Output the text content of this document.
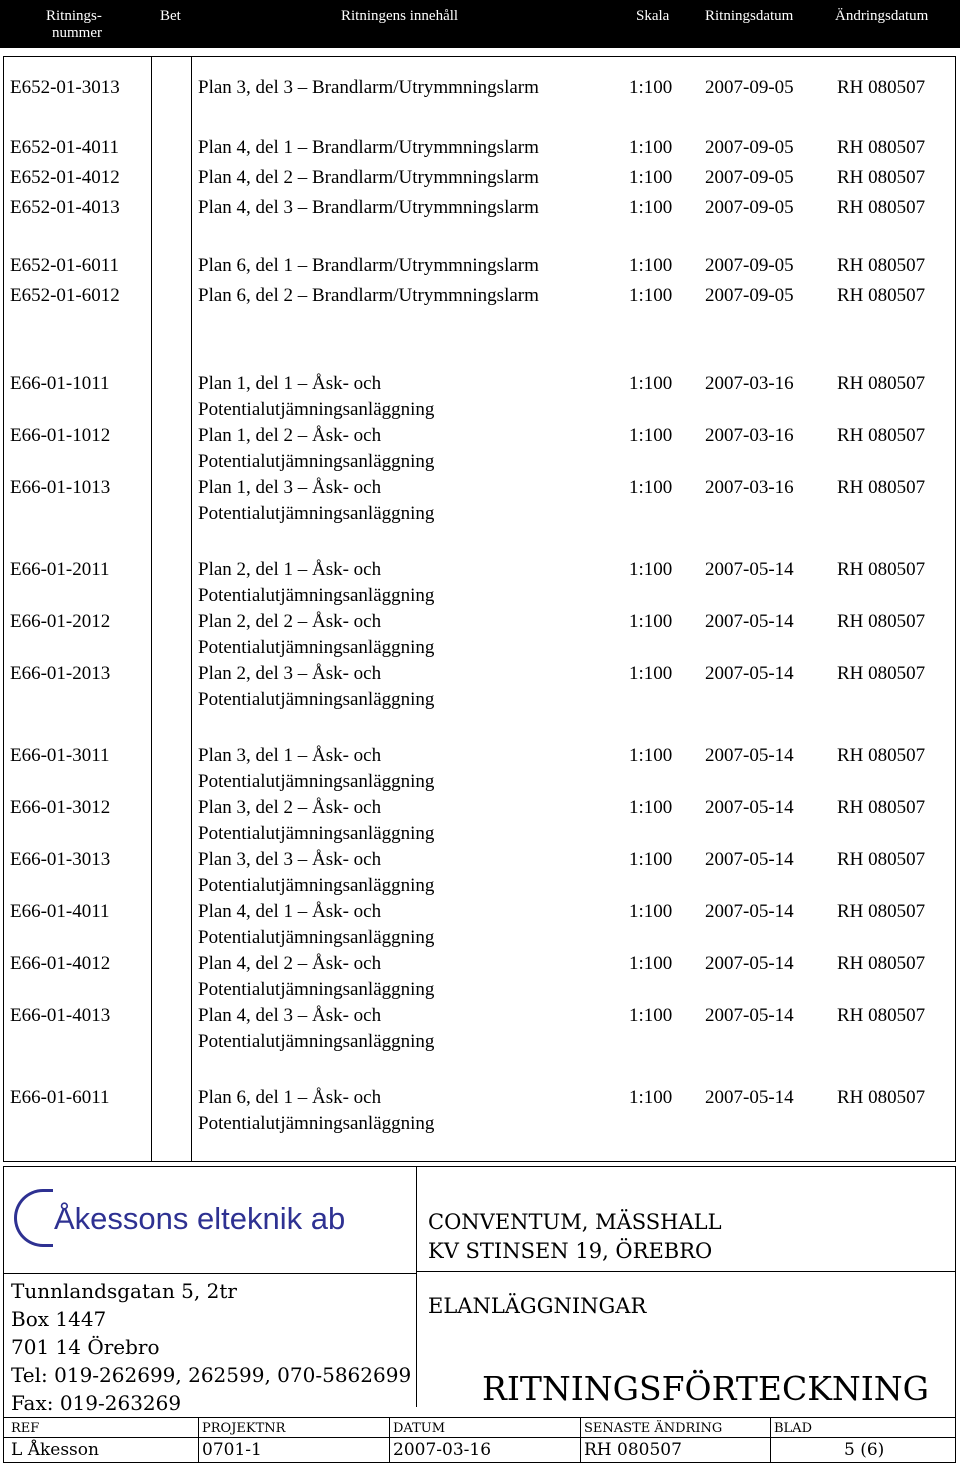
Ritnings-
nummer
Bet	Ritningens innehåll	Skala Ritningsdatum	Ändringsdatum
E652-01-3013	Plan 3, del 3 – Brandlarm/Utrymmningslarm	1:100 2007-09-05 RH 080507
E652-01-4011	Plan 4, del 1 – Brandlarm/Utrymmningslarm	1:100 2007-09-05 RH 080507
E652-01-4012	Plan 4, del 2 – Brandlarm/Utrymmningslarm	1:100 2007-09-05 RH 080507
E652-01-4013	Plan 4, del 3 – Brandlarm/Utrymmningslarm	1:100 2007-09-05 RH 080507
E652-01-6011	Plan 6, del 1 – Brandlarm/Utrymmningslarm	1:100 2007-09-05 RH 080507
E652-01-6012	Plan 6, del 2 – Brandlarm/Utrymmningslarm	1:100 2007-09-05 RH 080507
E66-01-1011	Plan 1, del 1 – Åsk- och	1:100 2007-03-16 RH 080507
Potentialutjämningsanläggning
E66-01-1012	Plan 1, del 2 – Åsk- och	1:100 2007-03-16 RH 080507
Potentialutjämningsanläggning
E66-01-1013	Plan 1, del 3 – Åsk- och	1:100 2007-03-16 RH 080507
Potentialutjämningsanläggning
E66-01-2011	Plan 2, del 1 – Åsk- och	1:100 2007-05-14 RH 080507
Potentialutjämningsanläggning
E66-01-2012	Plan 2, del 2 – Åsk- och	1:100 2007-05-14 RH 080507
Potentialutjämningsanläggning
E66-01-2013	Plan 2, del 3 – Åsk- och	1:100 2007-05-14 RH 080507
Potentialutjämningsanläggning
E66-01-3011	Plan 3, del 1 – Åsk- och	1:100 2007-05-14 RH 080507
Potentialutjämningsanläggning
E66-01-3012	Plan 3, del 2 – Åsk- och	1:100 2007-05-14 RH 080507
Potentialutjämningsanläggning
E66-01-3013	Plan 3, del 3 – Åsk- och	1:100 2007-05-14 RH 080507
Potentialutjämningsanläggning
E66-01-4011	Plan 4, del 1 – Åsk- och	1:100 2007-05-14 RH 080507
Potentialutjämningsanläggning
E66-01-4012	Plan 4, del 2 – Åsk- och	1:100 2007-05-14 RH 080507
Potentialutjämningsanläggning
E66-01-4013	Plan 4, del 3 – Åsk- och	1:100 2007-05-14 RH 080507
Potentialutjämningsanläggning
E66-01-6011	Plan 6, del 1 – Åsk- och	1:100 2007-05-14 RH 080507
Potentialutjämningsanläggning
Åkessons elteknik ab
Tunnlandsgatan 5, 2tr
Box 1447
701 14 Örebro
Tel: 019-262699, 262599, 070-5862699
Fax: 019-263269
CONVENTUM, MÄSSHALL
KV STINSEN 19, ÖREBRO
ELANLÄGGNINGAR
RITNINGSFÖRTECKNING
REF	PROJEKTNR	DATUM	SENASTE ÄNDRING	BLAD
L Åkesson	0701-1	2007-03-16	RH 080507	5 (6)
